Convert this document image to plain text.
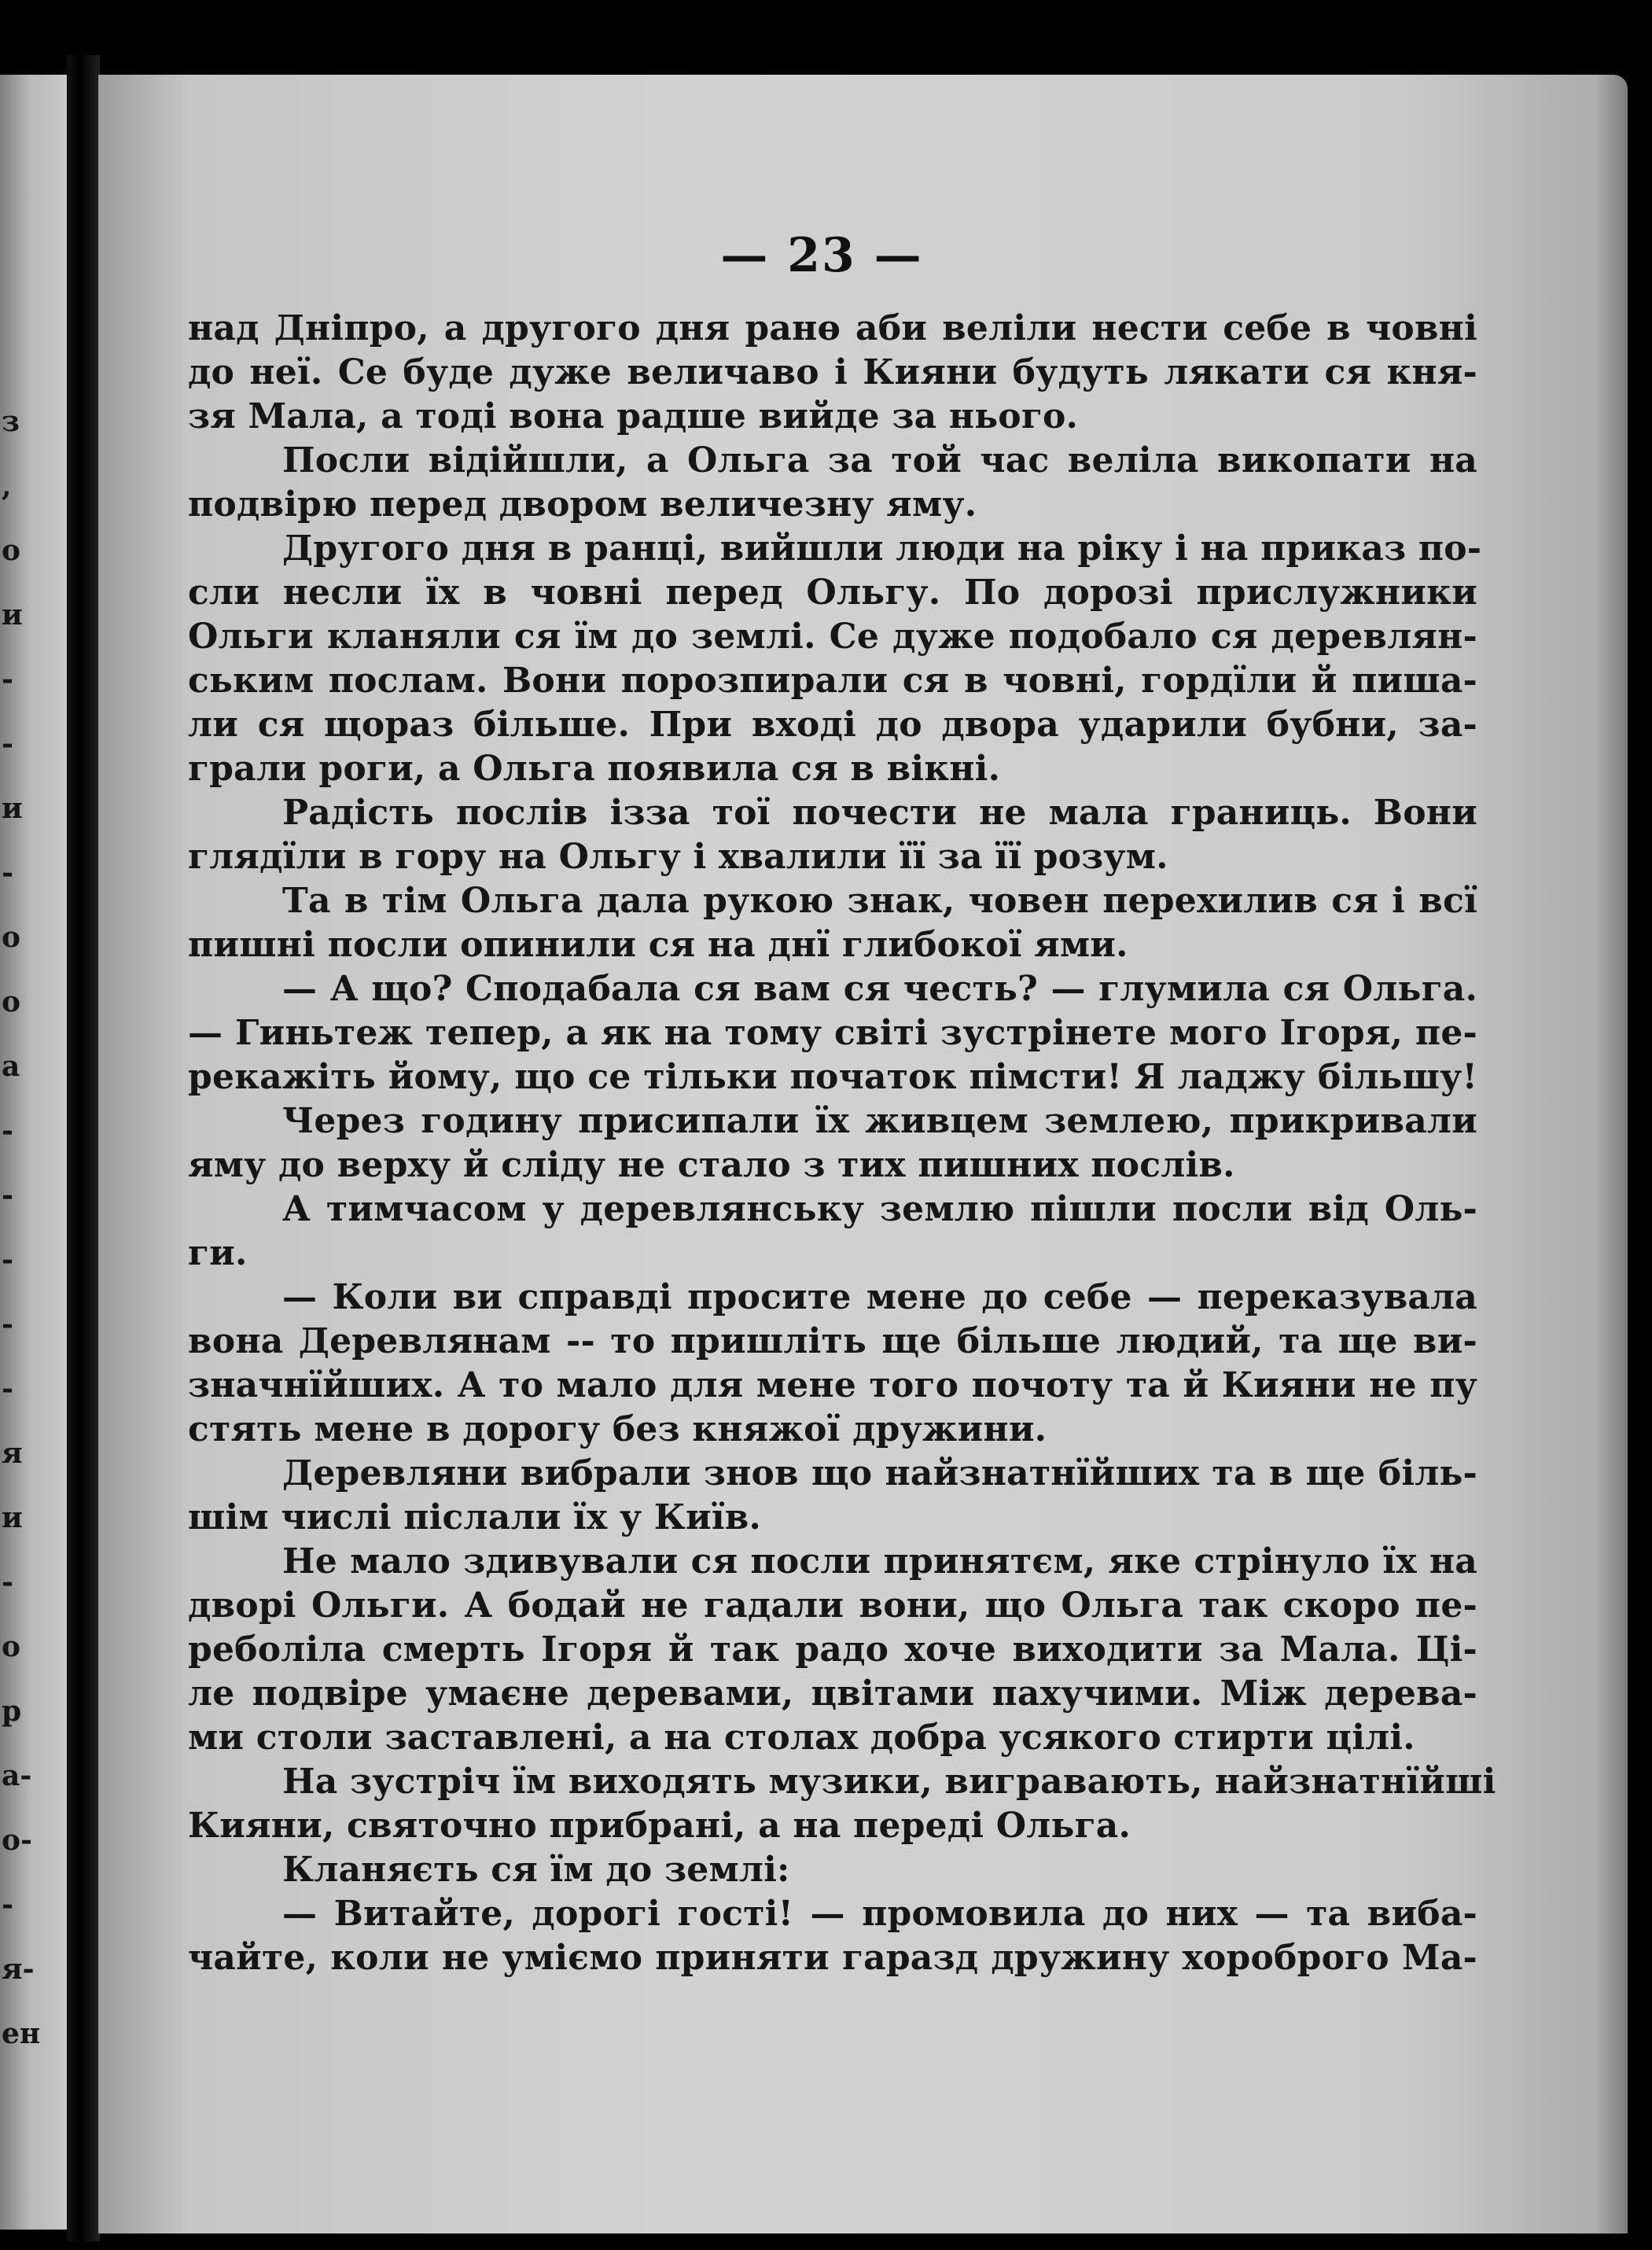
з
,
о
и
-
-
и
-
о
о
а
-
-
-
-
-
я
и
-
о
р
а-
о-
-
я-
ен
— 23 —
над Дніпро, а другого дня ранө аби веліли нести себе в човні
до неї. Се буде дуже величаво і Кияни будуть лякати ся кня-
зя Мала, а тоді вона радше вийде за нього.
Посли відійшли, а Ольга за той час веліла викопати на
подвірю перед двором величезну яму.
Другого дня в ранці, вийшли люди на ріку і на приказ по-
сли несли їх в човні перед Ольгу. По дорозі прислужники
Ольги кланяли ся їм до землі. Се дуже подобало ся деревлян-
ським послам. Вони порозпирали ся в човні, гордїли й пиша-
ли ся щораз більше. При вході до двора ударили бубни, за-
грали роги, а Ольга появила ся в вікні.
Радість послів ізза тої почести не мала границь. Вони
глядїли в гору на Ольгу і хвалили її за її розум.
Та в тім Ольга дала рукою знак, човен перехилив ся і всї
пишні посли опинили ся на днї глибокої ями.
— А що? Сподабала ся вам ся честь? — глумила ся Ольга.
— Гиньтеж тепер, а як на тому світі зустрінете мого Ігоря, пе-
рекажіть йому, що се тільки початок пімсти! Я ладжу більшу!
Через годину присипали їх живцем землею, прикривали
яму до верху й сліду не стало з тих пишних послів.
А тимчасом у деревлянську землю пішли посли від Оль-
ги.
— Коли ви справді просите мене до себе — переказувала
вона Деревлянам -- то пришліть ще більше людий, та ще ви-
значнїйших. А то мало для мене того почоту та й Кияни не пу
стять мене в дорогу без княжої дружини.
Деревляни вибрали знов що найзнатнїйших та в ще біль-
шім числі післали їх у Київ.
Не мало здивували ся посли принятєм, яке стрінуло їх на
дворі Ольги. А бодай не гадали вони, що Ольга так скоро пе-
реболіла смерть Ігоря й так радо хоче виходити за Мала. Ці-
ле подвіре умаєне деревами, цвітами пахучими. Між дерева-
ми столи заставлені, а на столах добра усякого стирти цілі.
На зустріч їм виходять музики, вигравають, найзнатнїйші
Кияни, святочно прибрані, а на переді Ольга.
Кланяєть ся їм до землі:
— Витайте, дорогі гості! — промовила до них — та виба-
чайте, коли не уміємо приняти гаразд дружину хороброго Ма-
